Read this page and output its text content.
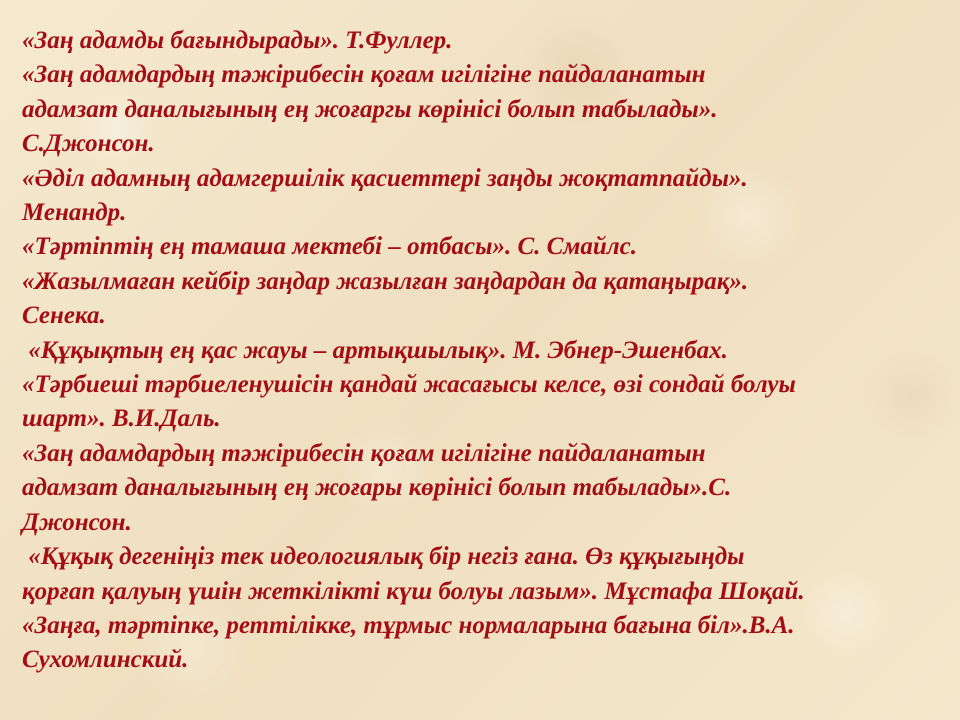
«Заң адамды бағындырады». Т.Фуллер.
«Заң адамдардың тәжірибесін қоғам игілігіне пайдаланатын
адамзат даналығының ең жоғаргы көрінісі болып табылады».
С.Джонсон.
«Әділ адамның адамгершілік қасиеттері заңды жоқтатпайды».
Менандр.
«Тәртіптің ең тамаша мектебі – отбасы». С. Смайлс.
«Жазылмаған кейбір заңдар жазылған заңдардан да қатаңырақ».
Сенека.
«Құқықтың ең қас жауы – артықшылық». М. Эбнер-Эшенбах.
«Тәрбиеші тәрбиеленушісін қандай жасағысы келсе, өзі сондай болуы
шарт». В.И.Даль.
«Заң адамдардың тәжірибесін қоғам игілігіне пайдаланатын
адамзат даналығының ең жоғары көрінісі болып табылады».С.
Джонсон.
«Құқық дегеніңіз тек идеологиялық бір негіз ғана. Өз құқығыңды
қорғап қалуың үшін жеткілікті күш болуы лазым». Мұстафа Шоқай.
«Заңға, тәртіпке, реттілікке, тұрмыс нормаларына бағына біл».В.А.
Сухомлинский.
